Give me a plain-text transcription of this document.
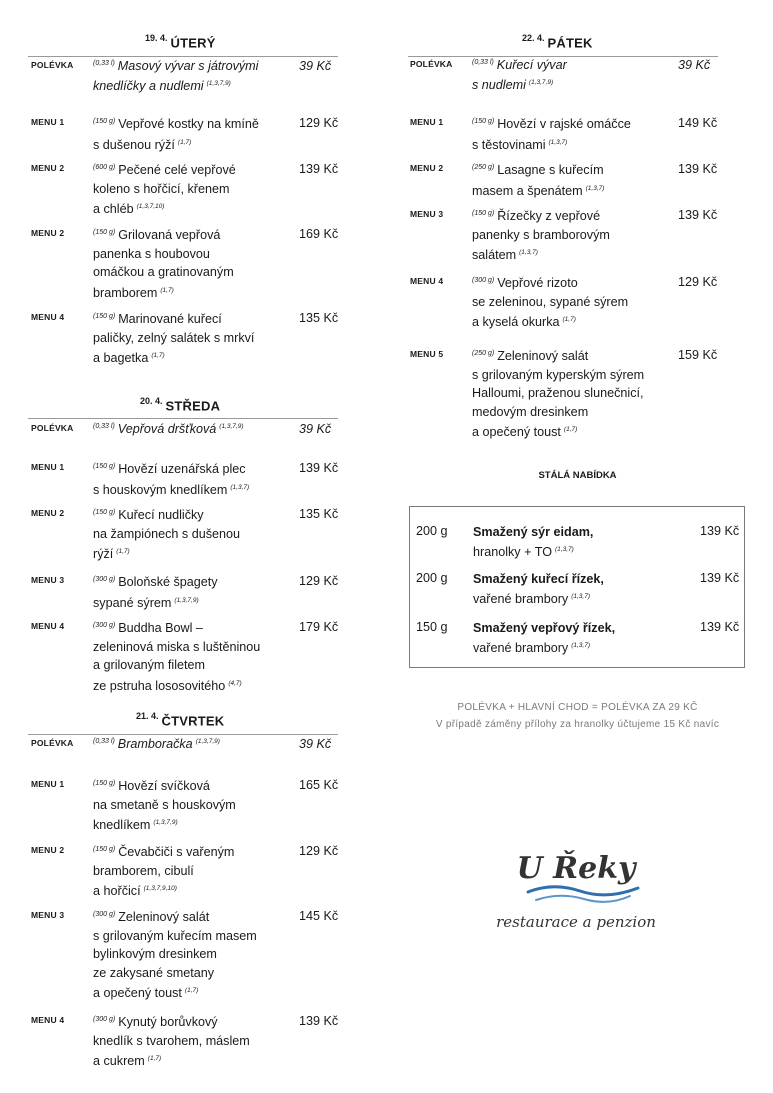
$^{19. 4.}$ ÚTERÝ
$^{20. 4.}$ STŘEDA
$^{21. 4.}$ ČTVRTEK
$^{22. 4.}$ PÁTEK
POLÉVKA	$^{(0,33 l)}$ Masový vývar s játrovými
knedlíčky a nudlemi $^{(1,3,7,9)}$
39 Kč
MENU 1	$^{(150 g)}$ Vepřové kostky na kmíně
s dušenou rýží $^{(1,7)}$
129 Kč
MENU 2	$^{(600 g)}$ Pečené celé vepřové
koleno s hořčicí, křenem
a chléb $^{(1,3,7,10)}$
139 Kč
MENU 2	$^{(150 g)}$ Grilovaná vepřová
panenka s houbovou
omáčkou a gratinovaným
bramborem $^{(1,7)}$
169 Kč
MENU 4	$^{(150 g)}$ Marinované kuřecí
paličky, zelný salátek s mrkví
a bagetka $^{(1,7)}$
135 Kč
POLÉVKA	$^{(0,33 l)}$ Vepřová dršťková $^{(1,3,7,9)}$	39 Kč
MENU 1	$^{(150 g)}$ Hovězí uzenářská plec
s houskovým knedlíkem $^{(1,3,7)}$
139 Kč
MENU 2	$^{(150 g)}$ Kuřecí nudličky
na žampiónech s dušenou
rýží $^{(1,7)}$
135 Kč
MENU 3	$^{(300 g)}$ Boloňské špagety
sypané sýrem $^{(1,3,7,9)}$
129 Kč
MENU 4	$^{(300 g)}$ Buddha Bowl –
zeleninová miska s luštěninou
a grilovaným filetem
ze pstruha lososovitého $^{(4,7)}$
179 Kč
POLÉVKA	$^{(0,33 l)}$ Bramboračka $^{(1,3,7,9)}$	39 Kč
MENU 1	$^{(150 g)}$ Hovězí svíčková
na smetaně s houskovým
knedlíkem $^{(1,3,7,9)}$
165 Kč
MENU 2	$^{(150 g)}$ Čevabčiči s vařeným
bramborem, cibulí
a hořčicí $^{(1,3,7,9,10)}$
129 Kč
MENU 3	$^{(300 g)}$ Zeleninový salát
s grilovaným kuřecím masem
bylinkovým dresinkem
ze zakysané smetany
a opečený toust $^{(1,7)}$
145 Kč
MENU 4	$^{(300 g)}$ Kynutý borůvkový
knedlík s tvarohem, máslem
a cukrem $^{(1,7)}$
139 Kč
POLÉVKA	$^{(0,33 l)}$ Kuřecí vývar
s nudlemi $^{(1,3,7,9)}$
39 Kč
MENU 1	$^{(150 g)}$ Hovězí v rajské omáčce
s těstovinami $^{(1,3,7)}$
149 Kč
MENU 2	$^{(250 g)}$ Lasagne s kuřecím
masem a špenátem $^{(1,3,7)}$
139 Kč
MENU 3	$^{(150 g)}$ Řízečky z vepřové
panenky s bramborovým
salátem $^{(1,3,7)}$
139 Kč
MENU 4	$^{(300 g)}$ Vepřové rizoto
se zeleninou, sypané sýrem
a kyselá okurka $^{(1,7)}$
129 Kč
MENU 5	$^{(250 g)}$ Zeleninový salát
s grilovaným kyperským sýrem
Halloumi, praženou slunečnicí,
medovým dresinkem
a opečený toust $^{(1,7)}$
159 Kč
STÁLÁ NABÍDKA
200 g Smažený sýr eidam,
hranolky + TO $^{(1,3,7)}$
139 Kč
200 g Smažený kuřecí řízek,
vařené brambory $^{(1,3,7)}$
139 Kč
150 g Smažený vepřový řízek,
vařené brambory $^{(1,3,7)}$
139 Kč
POLÉVKA + HLAVNÍ CHOD = POLÉVKA ZA 29 KČ
V případě záměny přílohy za hranolky účtujeme 15 Kč navíc
U Řeky
restaurace a penzion
